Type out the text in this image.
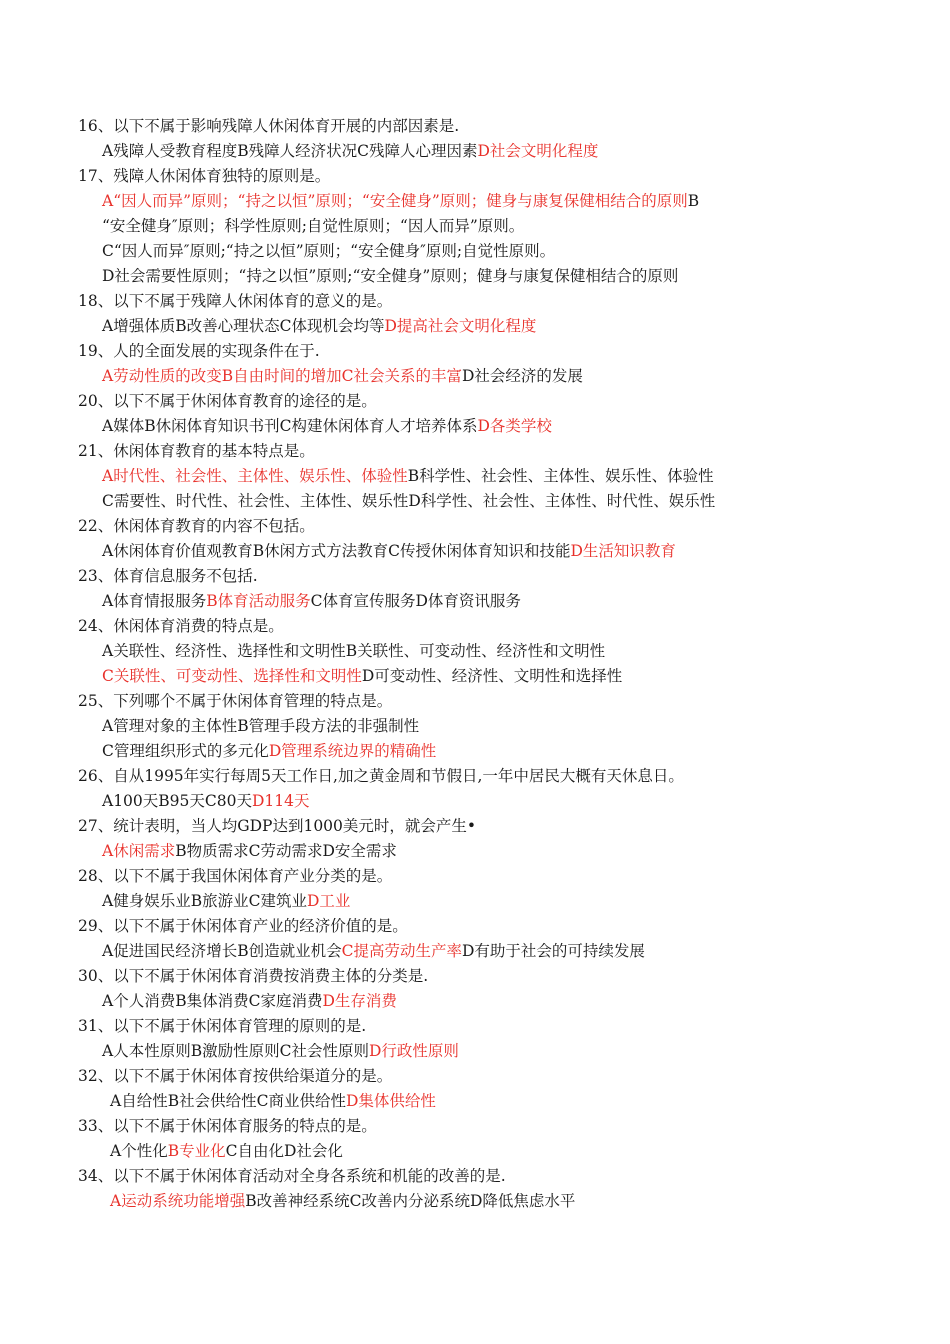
16、以下不属于影响残障人休闲体育开展的内部因素是.
A残障人受教育程度B残障人经济状况C残障人心理因素D社会文明化程度
17、残障人休闲体育独特的原则是。
A“因人而异”原则；“持之以恒”原则；“安全健身”原则；健身与康复保健相结合的原则B
“安全健身″原则；科学性原则;自觉性原则；“因人而异”原则。
C“因人而异″原则;“持之以恒”原则；“安全健身″原则;自觉性原则。
D社会需要性原则；“持之以恒”原则;“安全健身”原则；健身与康复保健相结合的原则
18、以下不属于残障人休闲体育的意义的是。
A增强体质B改善心理状态C体现机会均等D提高社会文明化程度
19、人的全面发展的实现条件在于.
A劳动性质的改变B自由时间的增加C社会关系的丰富D社会经济的发展
20、以下不属于休闲体育教育的途径的是。
A媒体B休闲体育知识书刊C构建休闲体育人才培养体系D各类学校
21、休闲体育教育的基本特点是。
A时代性、社会性、主体性、娱乐性、体验性B科学性、社会性、主体性、娱乐性、体验性
C需要性、时代性、社会性、主体性、娱乐性D科学性、社会性、主体性、时代性、娱乐性
22、休闲体育教育的内容不包括。
A休闲体育价值观教育B休闲方式方法教育C传授休闲体育知识和技能D生活知识教育
23、体育信息服务不包括.
A体育情报服务B体育活动服务C体育宣传服务D体育资讯服务
24、休闲体育消费的特点是。
A关联性、经济性、选择性和文明性B关联性、可变动性、经济性和文明性
C关联性、可变动性、选择性和文明性D可变动性、经济性、文明性和选择性
25、下列哪个不属于休闲体育管理的特点是。
A管理对象的主体性B管理手段方法的非强制性
C管理组织形式的多元化D管理系统边界的精确性
26、自从1995年实行每周5天工作日,加之黄金周和节假日,一年中居民大概有天休息日。
A100天B95天C80天D114天
27、统计表明，当人均GDP达到1000美元时，就会产生•
A休闲需求B物质需求C劳动需求D安全需求
28、以下不属于我国休闲体育产业分类的是。
A健身娱乐业B旅游业C建筑业D工业
29、以下不属于休闲体育产业的经济价值的是。
A促进国民经济增长B创造就业机会C提高劳动生产率D有助于社会的可持续发展
30、以下不属于休闲体育消费按消费主体的分类是.
A个人消费B集体消费C家庭消费D生存消费
31、以下不属于休闲体育管理的原则的是.
A人本性原则B激励性原则C社会性原则D行政性原则
32、以下不属于休闲体育按供给渠道分的是。
A自给性B社会供给性C商业供给性D集体供给性
33、以下不属于休闲体育服务的特点的是。
A个性化B专业化C自由化D社会化
34、以下不属于休闲体育活动对全身各系统和机能的改善的是.
A运动系统功能增强B改善神经系统C改善内分泌系统D降低焦虑水平
